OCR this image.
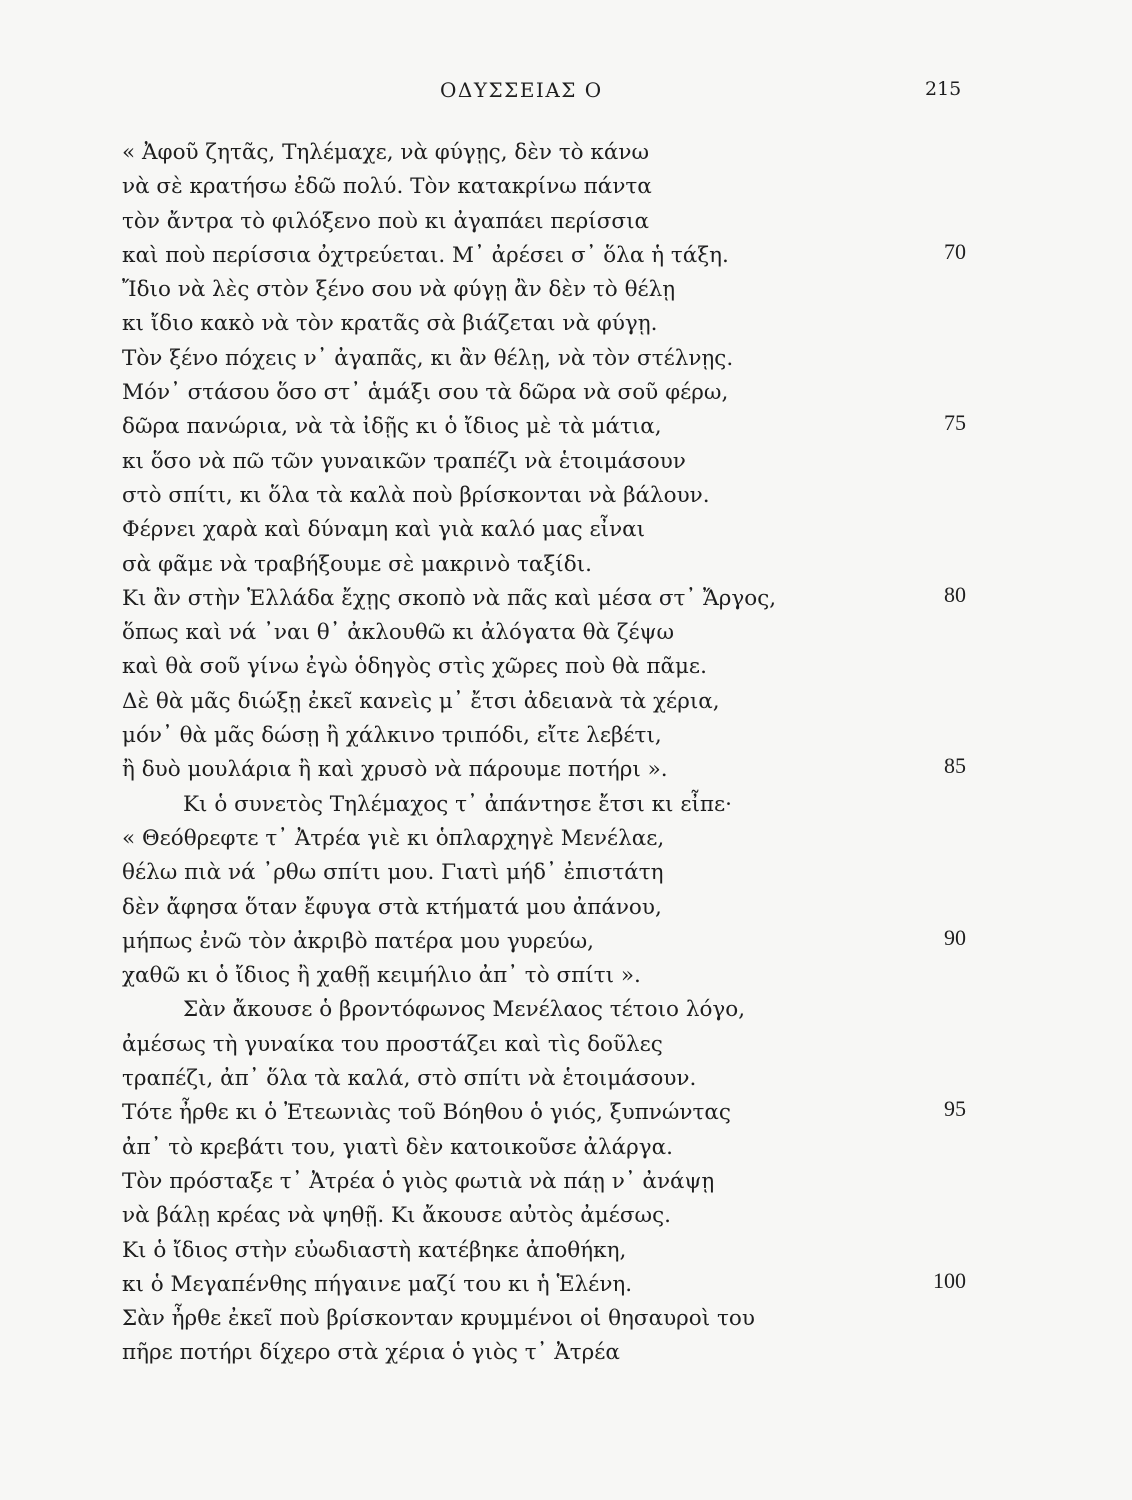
ΟΔΥΣΣΕΙΑΣ Ο	215
« Ἀφοῦ ζητᾶς, Τηλέμαχε, νὰ φύγῃς, δὲν τὸ κάνω
νὰ σὲ κρατήσω ἐδῶ πολύ. Τὸν κατακρίνω πάντα
τὸν ἄντρα τὸ φιλόξενο ποὺ κι ἀγαπάει περίσσια
καὶ ποὺ περίσσια ὀχτρεύεται. Μ᾽ ἀρέσει σ᾽ ὅλα ἡ τάξη.	70
Ἴδιο νὰ λὲς στὸν ξένο σου νὰ φύγῃ ἂν δὲν τὸ θέλῃ
κι ἴδιο κακὸ νὰ τὸν κρατᾶς σὰ βιάζεται νὰ φύγῃ.
Τὸν ξένο πόχεις ν᾽ ἀγαπᾶς, κι ἂν θέλῃ, νὰ τὸν στέλνῃς.
Μόν᾽ στάσου ὅσο στ᾽ ἁμάξι σου τὰ δῶρα νὰ σοῦ φέρω,
δῶρα πανώρια, νὰ τὰ ἰδῇς κι ὁ ἴδιος μὲ τὰ μάτια,	75
κι ὅσο νὰ πῶ τῶν γυναικῶν τραπέζι νὰ ἑτοιμάσουν
στὸ σπίτι, κι ὅλα τὰ καλὰ ποὺ βρίσκονται νὰ βάλουν.
Φέρνει χαρὰ καὶ δύναμη καὶ γιὰ καλό μας εἶναι
σὰ φᾶμε νὰ τραβήξουμε σὲ μακρινὸ ταξίδι.
Κι ἂν στὴν Ἑλλάδα ἔχῃς σκοπὸ νὰ πᾶς καὶ μέσα στ᾽ Ἄργος,	80
ὅπως καὶ νά ᾽ναι θ᾽ ἀκλουθῶ κι ἀλόγατα θὰ ζέψω
καὶ θὰ σοῦ γίνω ἐγὼ ὁδηγὸς στὶς χῶρες ποὺ θὰ πᾶμε.
Δὲ θὰ μᾶς διώξῃ ἐκεῖ κανεὶς μ᾽ ἔτσι ἀδειανὰ τὰ χέρια,
μόν᾽ θὰ μᾶς δώσῃ ἢ χάλκινο τριπόδι, εἴτε λεβέτι,
ἢ δυὸ μουλάρια ἢ καὶ χρυσὸ νὰ πάρουμε ποτήρι ».	85
Κι ὁ συνετὸς Τηλέμαχος τ᾽ ἀπάντησε ἔτσι κι εἶπε·
« Θεόθρεφτε τ᾽ Ἀτρέα γιὲ κι ὁπλαρχηγὲ Μενέλαε,
θέλω πιὰ νά ᾽ρθω σπίτι μου. Γιατὶ μήδ᾽ ἐπιστάτη
δὲν ἄφησα ὅταν ἔφυγα στὰ κτήματά μου ἀπάνου,
μήπως ἐνῶ τὸν ἀκριβὸ πατέρα μου γυρεύω,	90
χαθῶ κι ὁ ἴδιος ἢ χαθῇ κειμήλιο ἀπ᾽ τὸ σπίτι ».
Σὰν ἄκουσε ὁ βροντόφωνος Μενέλαος τέτοιο λόγο,
ἀμέσως τὴ γυναίκα του προστάζει καὶ τὶς δοῦλες
τραπέζι, ἀπ᾽ ὅλα τὰ καλά, στὸ σπίτι νὰ ἑτοιμάσουν.
Τότε ἦρθε κι ὁ Ἐτεωνιὰς τοῦ Βόηθου ὁ γιός, ξυπνώντας	95
ἀπ᾽ τὸ κρεβάτι του, γιατὶ δὲν κατοικοῦσε ἀλάργα.
Τὸν πρόσταξε τ᾽ Ἀτρέα ὁ γιὸς φωτιὰ νὰ πάῃ ν᾽ ἀνάψῃ
νὰ βάλῃ κρέας νὰ ψηθῇ. Κι ἄκουσε αὐτὸς ἀμέσως.
Κι ὁ ἴδιος στὴν εὐωδιαστὴ κατέβηκε ἀποθήκη,
κι ὁ Μεγαπένθης πήγαινε μαζί του κι ἡ Ἑλένη.	100
Σὰν ἦρθε ἐκεῖ ποὺ βρίσκονταν κρυμμένοι οἱ θησαυροὶ του
πῆρε ποτήρι δίχερο στὰ χέρια ὁ γιὸς τ᾽ Ἀτρέα
